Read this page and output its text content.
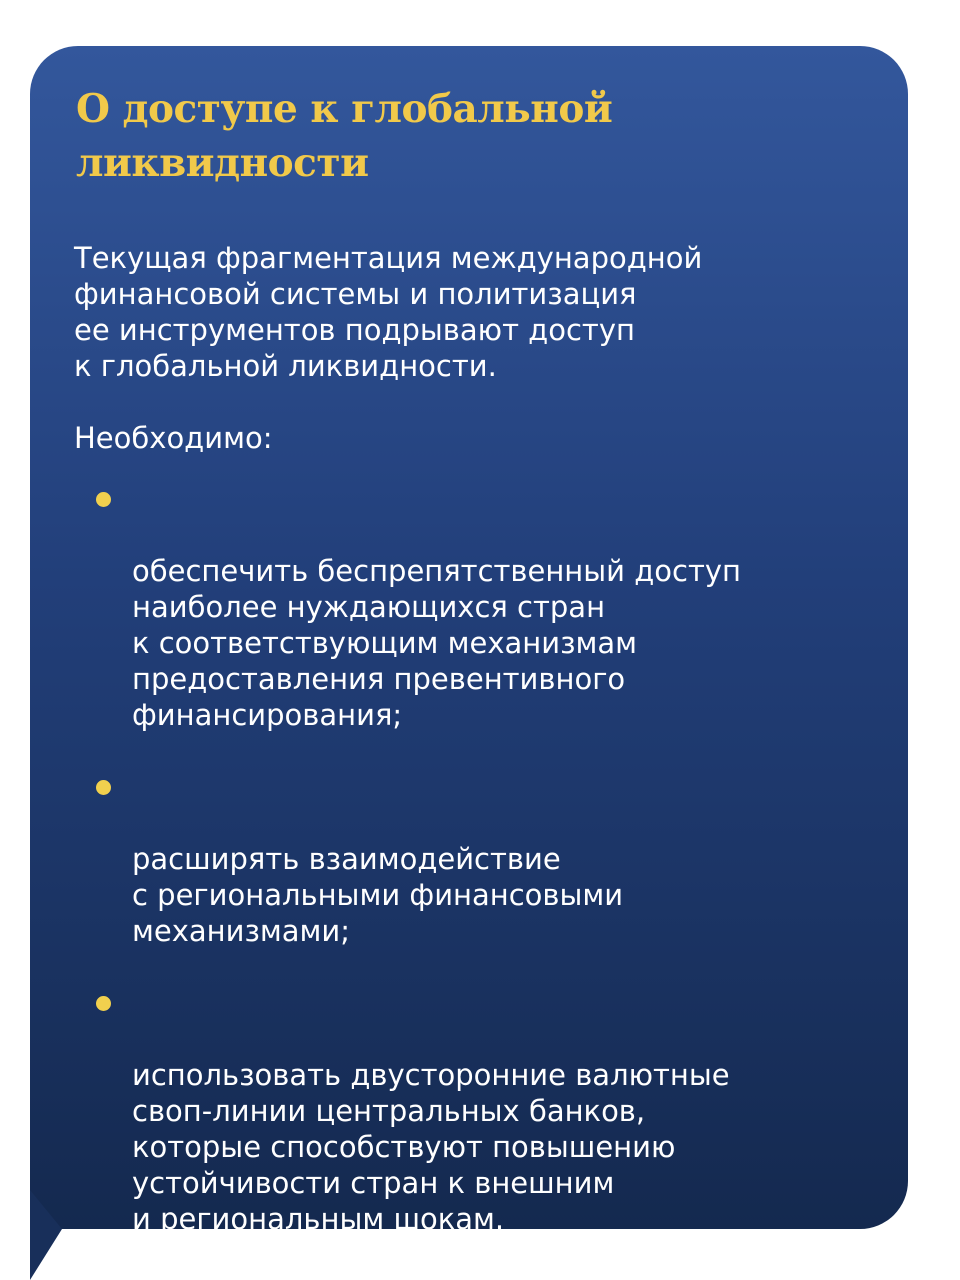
О доступе к глобальной
ликвидности

Текущая фрагментация международной
финансовой системы и политизация
ее инструментов подрывают доступ
к глобальной ликвидности.

Необходимо:

обеспечить беспрепятственный доступ
наиболее нуждающихся стран
к соответствующим механизмам
предоставления превентивного
финансирования;

расширять взаимодействие
с региональными финансовыми
механизмами;

использовать двусторонние валютные
своп-линии центральных банков,
которые способствуют повышению
устойчивости стран к внешним
и региональным шокам.
